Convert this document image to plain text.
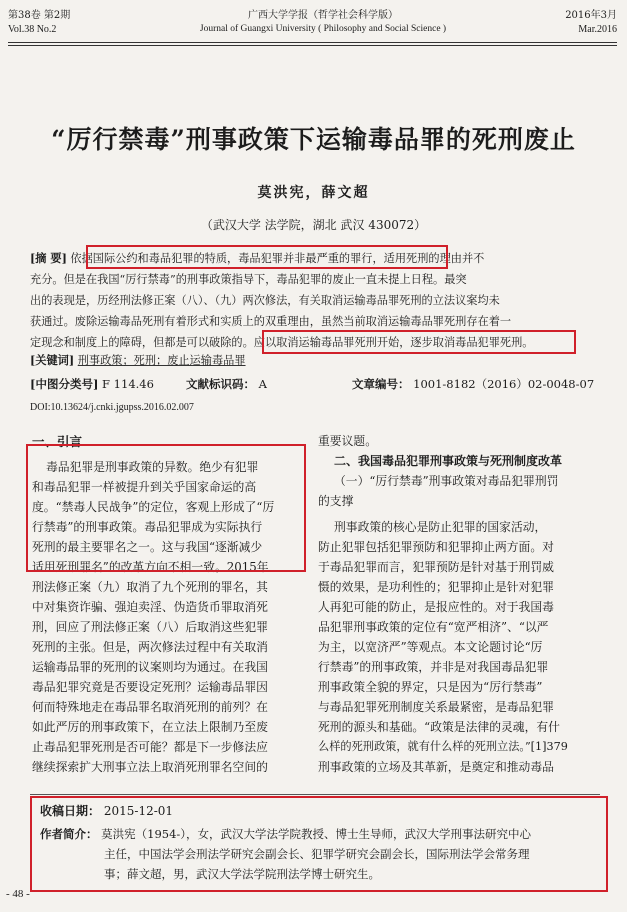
第38卷 第2期	广西大学学报（哲学社会科学版）	2016年3月
Vol.38 No.2	Journal of Guangxi University ( Philosophy and Social Science )	Mar.2016
“厉行禁毒”刑事政策下运输毒品罪的死刑废止
莫洪宪，薛文超
（武汉大学 法学院，湖北 武汉 430072）
[摘 要] 依据国际公约和毒品犯罪的特质，毒品犯罪并非最严重的罪行，适用死刑的理由并不
充分。但是在我国“厉行禁毒”的刑事政策指导下，毒品犯罪的废止一直未提上日程。最突
出的表现是，历经刑法修正案（八）、（九）两次修法，有关取消运输毒品罪死刑的立法议案均未
获通过。废除运输毒品死刑有着形式和实质上的双重理由，虽然当前取消运输毒品罪死刑存在着一
定现念和制度上的障碍，但都是可以破除的。应以取消运输毒品罪死刑开始，逐步取消毒品犯罪死刑。
[关键词] 刑事政策；死刑；废止运输毒品罪
[中图分类号] F 114.46	文献标识码： A	文章编号： 1001-8182（2016）02-0048-07
DOI:10.13624/j.cnki.jgupss.2016.02.007
一、引言
毒品犯罪是刑事政策的异数。绝少有犯罪
和毒品犯罪一样被提升到关乎国家命运的高
度。“禁毒人民战争”的定位，客观上形成了“厉
行禁毒”的刑事政策。毒品犯罪成为实际执行
死刑的最主要罪名之一。这与我国“逐渐减少
适用死刑罪名”的改革方向不相一致。2015年
刑法修正案（九）取消了九个死刑的罪名，其
中对集资诈骗、强迫卖淫、伪造货币罪取消死
刑，回应了刑法修正案（八）后取消这些犯罪
死刑的主张。但是，两次修法过程中有关取消
运输毒品罪的死刑的议案则均为通过。在我国
毒品犯罪究竟是否要设定死刑？运输毒品罪因
何而特殊地走在毒品罪名取消死刑的前列？在
如此严厉的刑事政策下，在立法上限制乃至废
止毒品犯罪死刑是否可能？都是下一步修法应
继续探索扩大刑事立法上取消死刑罪名空间的
重要议题。
二、我国毒品犯罪刑事政策与死刑制度改革
（一）“厉行禁毒”刑事政策对毒品犯罪刑罚
的支撑
刑事政策的核心是防止犯罪的国家活动，
防止犯罪包括犯罪预防和犯罪抑止两方面。对
于毒品犯罪而言，犯罪预防是针对基于刑罚威
慑的效果，是功利性的；犯罪抑止是针对犯罪
人再犯可能的防止，是报应性的。对于我国毒
品犯罪刑事政策的定位有“宽严相济”、“以严
为主，以宽济严”等观点。本文论题讨论“厉
行禁毒”的刑事政策，并非是对我国毒品犯罪
刑事政策全貌的界定，只是因为“厉行禁毒”
与毒品犯罪死刑制度关系最紧密，是毒品犯罪
死刑的源头和基础。“政策是法律的灵魂，有什
么样的死刑政策，就有什么样的死刑立法。”[1]379
刑事政策的立场及其革新，是奠定和推动毒品
收稿日期： 2015-12-01
作者简介： 莫洪宪（1954-），女，武汉大学法学院教授、博士生导师，武汉大学刑事法研究中心
主任，中国法学会刑法学研究会副会长、犯罪学研究会副会长，国际刑法学会常务理
事；薛文超，男，武汉大学法学院刑法学博士研究生。
- 48 -
